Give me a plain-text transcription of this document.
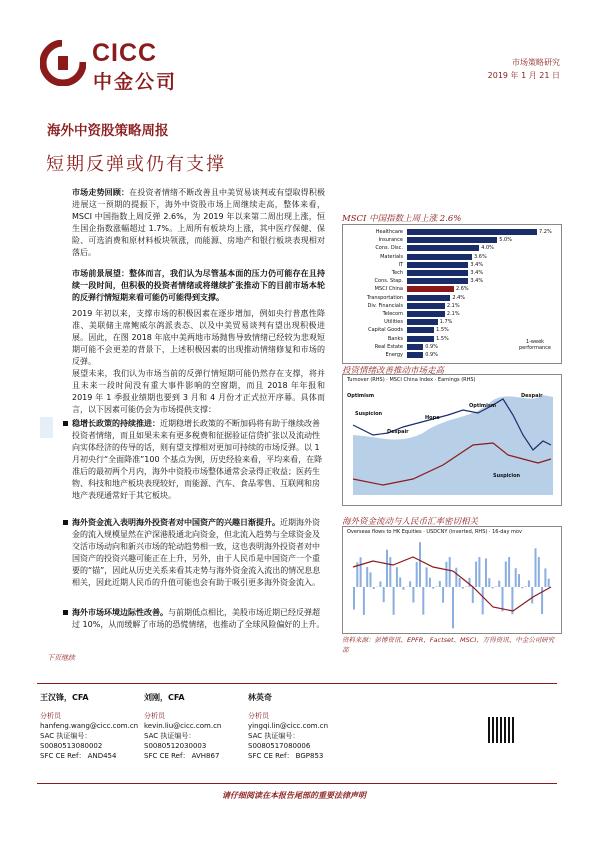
CICC
中金公司
市场策略研究
2019 年 1 月 21 日
海外中资股策略周报
短期反弹或仍有支撑
市场走势回顾：在投资者情绪不断改善且中美贸易谈判或有望取得积极进展这一预期的提振下，海外中资股市场上周继续走高，整体来看，MSCI 中国指数上周反弹 2.6%，为 2019 年以来第二周出现上涨，恒生国企指数涨幅超过 1.7%。上周所有板块均上涨，其中医疗保健、保险、可选消费和原材料板块领涨，而能源、房地产和银行板块表现相对落后。
市场前景展望：整体而言，我们认为尽管基本面的压力仍可能存在且持续一段时间，但积极的投资者情绪或将继续扩张推动下的目前市场本轮的反弹行情短期来看可能仍可能得到支撑。
2019 年初以来，支撑市场的积极因素在逐步增加，例如央行普惠性降准、美联储主席鲍威尔鸽派表态、以及中美贸易谈判有望出现积极进展。因此，在图 2018 年底中美两地市场抛售导致情绪已经较为悲观短期可能不会更差的背景下，上述积极因素的出现推动情绪修复和市场的反弹。
展望未来，我们认为市场当前的反弹行情短期可能仍然存在支撑，将并且未来一段时间没有重大事件影响的空窗期，而且 2018 年年报和 2019 年 1 季报业绩期也要到 3 月和 4 月份才正式拉开序幕。具体而言，以下因素可能仍会为市场提供支撑：
稳增长政策的持续推进：近期稳增长政策的不断加码将有助于继续改善投资者情绪，而且如果未来有更多税费和征据验证信贷扩张以及流动性向实体经济的传导的话，则有望支撑相对更加可持续的市场反弹。以 1 月初央行“全面降准”100 个基点为例，历史经验来看，平均来看，在降准后的最初两个月内，海外中资股市场整体通常会录得正收益；医药生物、科技和地产板块表现较好，而能源、汽车、食品零售、互联网和房地产表现通常好于其它板块。
海外资金流入表明海外投资者对中国资产的兴趣日渐提升。近期海外资金的流入规模显然在沪深港股通北向资金，但北流入趋势与全球资金及交活市场动向和新兴市场的轮动趋势相一致，这也表明海外投资者对中国资产的投资兴趣可能正在上升，另外，由于人民币是中国资产一个重要的“锚”，因此从历史关系来看其走势与海外资金流入流出的情况息息相关，因此近期人民币的升值可能也会有助于吸引更多海外资金流入。
海外市场环境边际性改善。与前期低点相比，美股市场近期已经反弹超过 10%，从而缓解了市场的恐慌情绪，也推动了全球风险偏好的上升。
下页继续
MSCI 中国指数上周上涨 2.6%
Healthcare	7.2%
Insurance	5.0%
Cons. Disc.	4.0%
Materials	3.6%
IT	3.4%
Tech	3.4%
Cons. Stap.	3.4%
MSCI China	2.6%
Transportation	2.4%
Div. Financials	2.1%
Telecom	2.1%
Utilities	1.7%
Capital Goods	1.5%
Banks	1.5%
Real Estate	0.9%
Energy	0.9%
1-week performance
投资情绪改善推动市场走高
Turnover (RHS) · MSCI China Index · Earnings (RHS)
Optimism
Suspicion
Hope
Optimism
Despair
Suspicion
Despair
海外资金流动与人民币汇率密切相关
Overseas flows to HK Equities · USDCNY (inverted, RHS) · 16-day mov
资料来源：彭博资讯、EPFR、Factset、MSCI、万得资讯、中金公司研究部
王汉锋，CFA
分析员
hanfeng.wang@cicc.com.cn
SAC 执证编号：S0080513080002
SFC CE Ref： AND454
刘刚，CFA
分析员
kevin.liu@cicc.com.cn
SAC 执证编号：S0080512030003
SFC CE Ref： AVH867
林英奇
分析员
yingqi.lin@cicc.com.cn
SAC 执证编号：S0080517080006
SFC CE Ref： BGP853
请仔细阅读在本报告尾部的重要法律声明
